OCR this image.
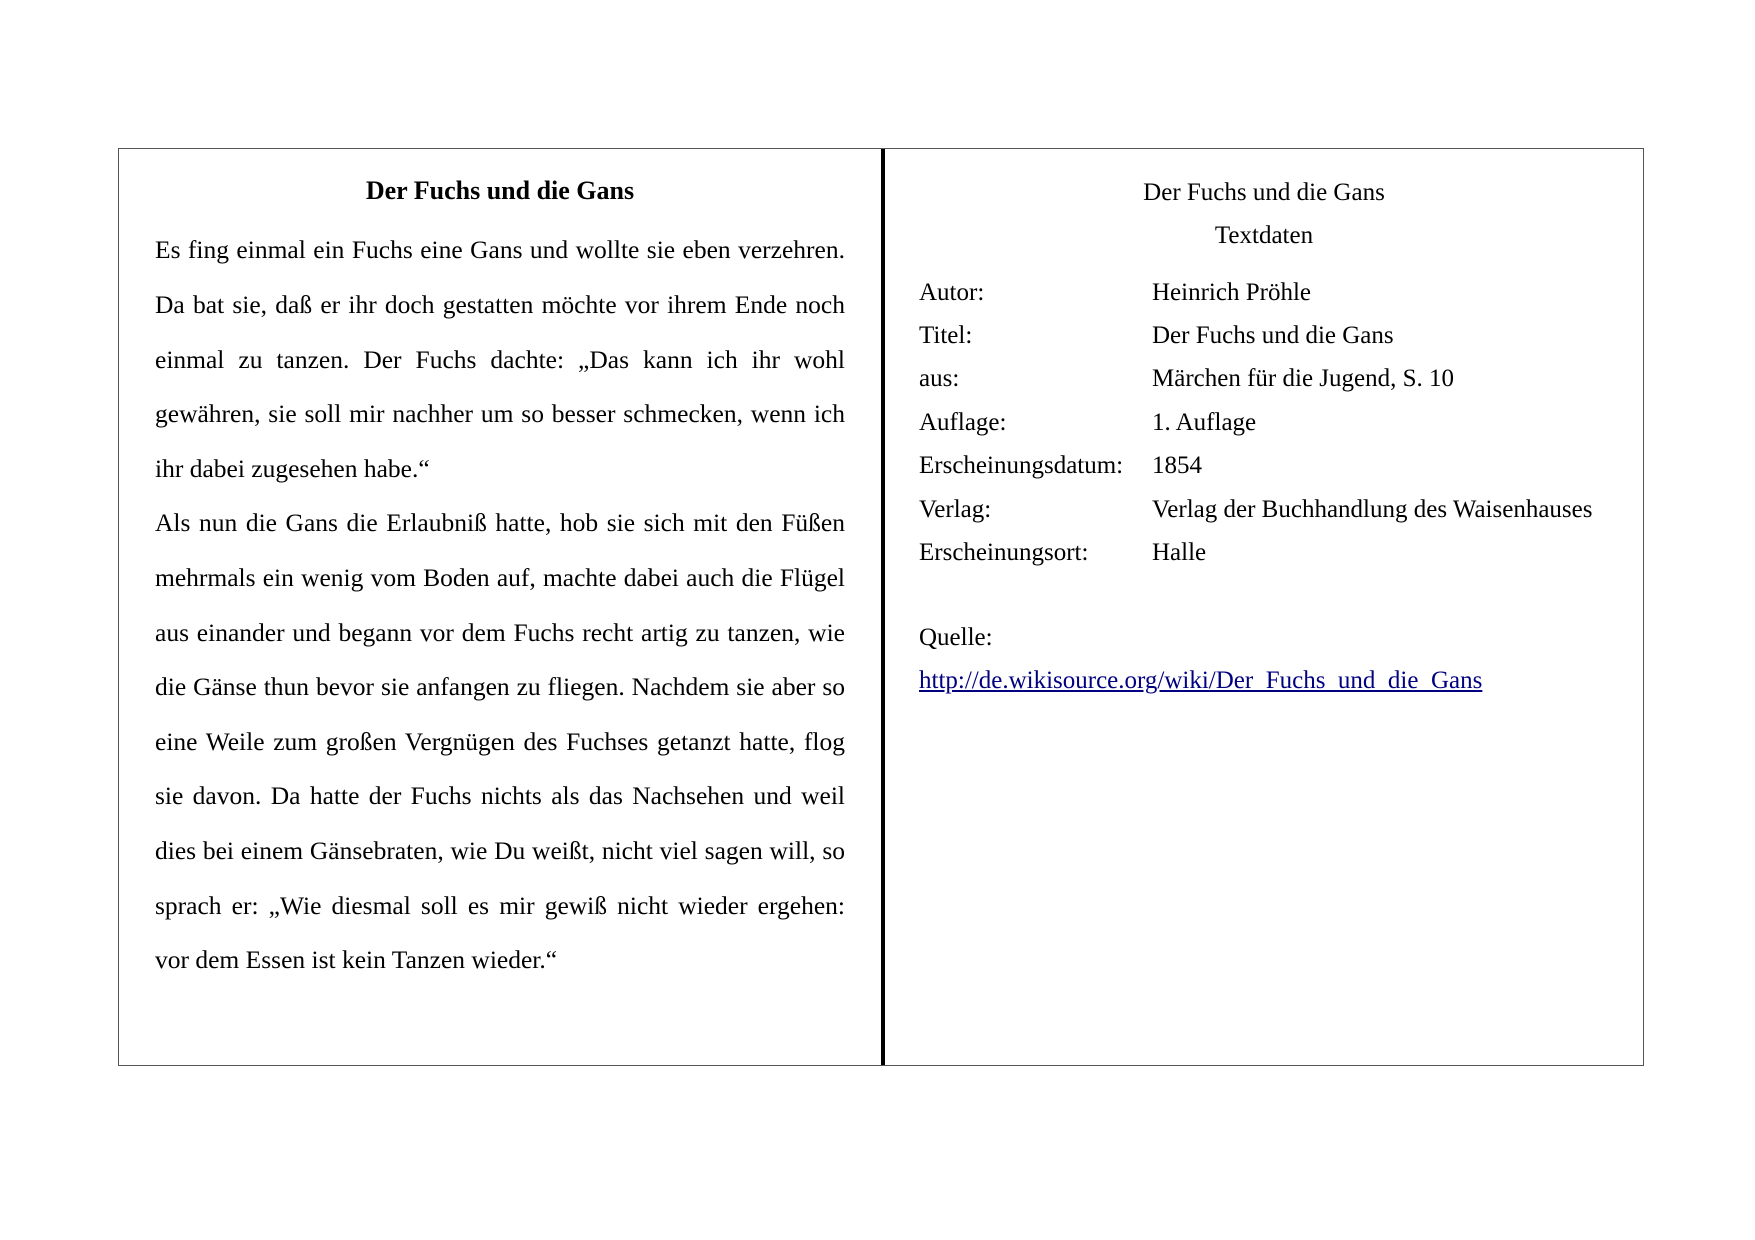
Der Fuchs und die Gans

Es fing einmal ein Fuchs eine Gans und wollte sie eben verzehren. Da bat sie, daß er ihr doch gestatten möchte vor ihrem Ende noch einmal zu tanzen. Der Fuchs dachte: „Das kann ich ihr wohl gewähren, sie soll mir nachher um so besser schmecken, wenn ich ihr dabei zugesehen habe.“

Als nun die Gans die Erlaubniß hatte, hob sie sich mit den Füßen mehrmals ein wenig vom Boden auf, machte dabei auch die Flügel aus einander und begann vor dem Fuchs recht artig zu tanzen, wie die Gänse thun bevor sie anfangen zu fliegen. Nachdem sie aber so eine Weile zum großen Vergnügen des Fuchses getanzt hatte, flog sie davon. Da hatte der Fuchs nichts als das Nachsehen und weil dies bei einem Gänsebraten, wie Du weißt, nicht viel sagen will, so sprach er: „Wie diesmal soll es mir gewiß nicht wieder ergehen: vor dem Essen ist kein Tanzen wieder.“

Der Fuchs und die Gans
Textdaten
Autor:	Heinrich Pröhle
Titel:	Der Fuchs und die Gans
aus:	Märchen für die Jugend, S. 10
Auflage:	1. Auflage
Erscheinungsdatum:	1854
Verlag:	Verlag der Buchhandlung des Waisenhauses
Erscheinungsort:	Halle
Quelle:
http://de.wikisource.org/wiki/Der_Fuchs_und_die_Gans
